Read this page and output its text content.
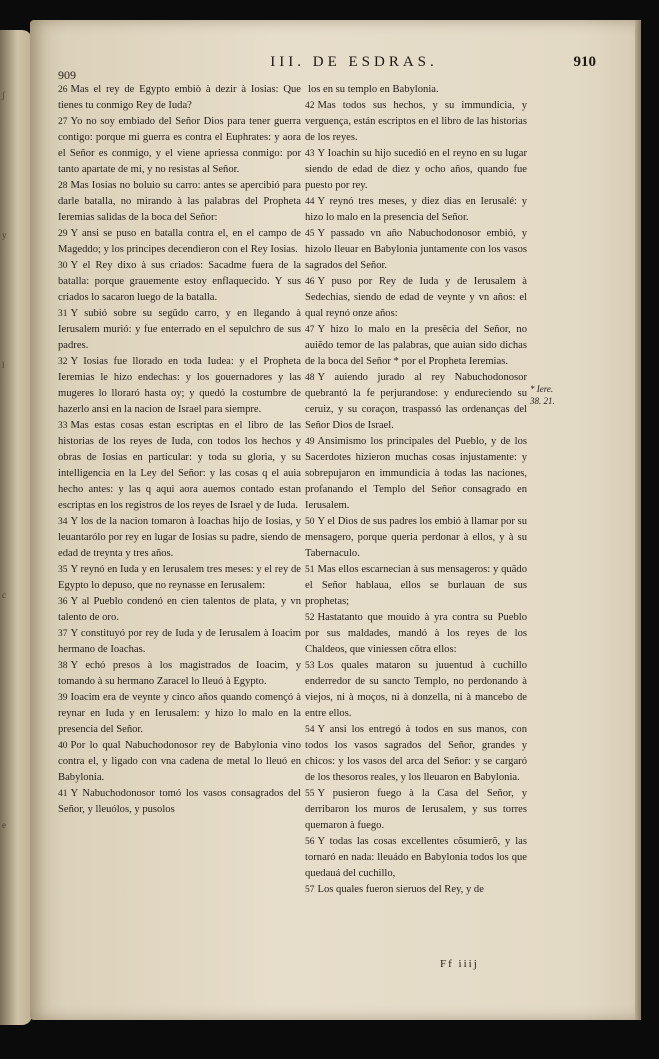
ʃ
y
l
c
e
909
III. DE ESDRAS.	910

26 Mas el rey de Egypto embiò à dezir à Iosias: Que tienes tu conmigo Rey de Iuda?

27 Yo no soy embiado del Señor Dios para tener guerra contigo: porque mi guerra es contra el Euphrates: y aora el Señor es conmigo, y el viene apriessa conmigo: por tanto apartate de mi, y no resistas al Señor.

28 Mas Iosias no boluio su carro: antes se apercibió para darle batalla, no mirando à las palabras del Propheta Ieremias salidas de la boca del Señor:

29 Y ansi se puso en batalla contra el, en el campo de Mageddo; y los principes decendieron con el Rey Iosias.

30 Y el Rey dixo à sus criados: Sacadme fuera de la batalla: porque grauemente estoy enflaquecido. Y sus criados lo sacaron luego de la batalla.

31 Y subió sobre su segũdo carro, y en llegando à Ierusalem murió: y fue enterrado en el sepulchro de sus padres.

32 Y Iosias fue llorado en toda Iudea: y el Propheta Ieremias le hizo endechas: y los gouernadores y las mugeres lo lloraró hasta oy; y quedó la costumbre de hazerlo ansi en la nacion de Israel para siempre.

33 Mas estas cosas estan escriptas en el libro de las historias de los reyes de Iuda, con todos los hechos y obras de Iosias en particular: y toda su gloria, y su intelligencia en la Ley del Señor: y las cosas q el auia hecho antes: y las q aqui aora auemos contado estan escriptas en los registros de los reyes de Israel y de Iuda.

34 Y los de la nacion tomaron à Ioachas hijo de Iosias, y leuantarólo por rey en lugar de Iosias su padre, siendo de edad de treynta y tres años.

35 Y reynó en Iuda y en Ierusalem tres meses: y el rey de Egypto lo depuso, que no reynasse en Ierusalem:

36 Y al Pueblo condenó en cien talentos de plata, y vn talento de oro.

37 Y constituyó por rey de Iuda y de Ierusalem à Ioacim hermano de Ioachas.

38 Y echó presos à los magistrados de Ioacim, y tomando à su hermano Zaracel lo lleuó à Egypto.

39 Ioacim era de veynte y cinco años quando començó à reynar en Iuda y en Ierusalem: y hizo lo malo en la presencia del Señor.

40 Por lo qual Nabuchodonosor rey de Babylonia vino contra el, y ligado con vna cadena de metal lo lleuó en Babylonia.

41 Y Nabuchodonosor tomó los vasos consagrados del Señor, y lleuólos, y pusolos

los en su templo en Babylonia.

42 Mas todos sus hechos, y su immundicia, y verguença, están escriptos en el libro de las historias de los reyes.

43 Y Ioachin su hijo sucedió en el reyno en su lugar siendo de edad de diez y ocho años, quando fue puesto por rey.

44 Y reynó tres meses, y diez dias en Ierusalé: y hizo lo malo en la presencia del Señor.

45 Y passado vn año Nabuchodonosor embió, y hizolo lleuar en Babylonia juntamente con los vasos sagrados del Señor.

46 Y puso por Rey de Iuda y de Ierusalem à Sedechias, siendo de edad de veynte y vn años: el qual reynó onze años:

47 Y hizo lo malo en la presẽcia del Señor, no auiẽdo temor de las palabras, que auian sido dichas de la boca del Señor * por el Propheta Ieremias.

48 Y auiendo jurado al rey Nabuchodonosor quebrantó la fe perjurandose: y endureciendo su ceruiz, y su coraçon, traspassó las ordenanças del Señor Dios de Israel.

49 Ansimismo los principales del Pueblo, y de los Sacerdotes hizieron muchas cosas injustamente: y sobrepujaron en immundicia à todas las naciones, profanando el Templo del Señor consagrado en Ierusalem.

50 Y el Dios de sus padres los embió à llamar por su mensagero, porque queria perdonar à ellos, y à su Tabernaculo.

51 Mas ellos escarnecian à sus mensageros: y quãdo el Señor hablaua, ellos se burlauan de sus prophetas;

52 Hastatanto que mouido à yra contra su Pueblo por sus maldades, mandó à los reyes de los Chaldeos, que viniessen cõtra ellos:

53 Los quales mataron su juuentud à cuchillo enderredor de su sancto Templo, no perdonando à viejos, ni à moços, ni à donzella, ni à mancebo de entre ellos.

54 Y ansi los entregó à todos en sus manos, con todos los vasos sagrados del Señor, grandes y chicos: y los vasos del arca del Señor: y se cargaró de los thesoros reales, y los lleuaron en Babylonia.

55 Y pusieron fuego à la Casa del Señor, y derribaron los muros de Ierusalem, y sus torres quemaron à fuego.

56 Y todas las cosas excellentes cõsumierõ, y las tornaró en nada: lleuádo en Babylonia todos los que quedauá del cuchillo,

57 Los quales fueron sieruos del Rey, y de

* Iere. 38. 21.
Ff iiij
